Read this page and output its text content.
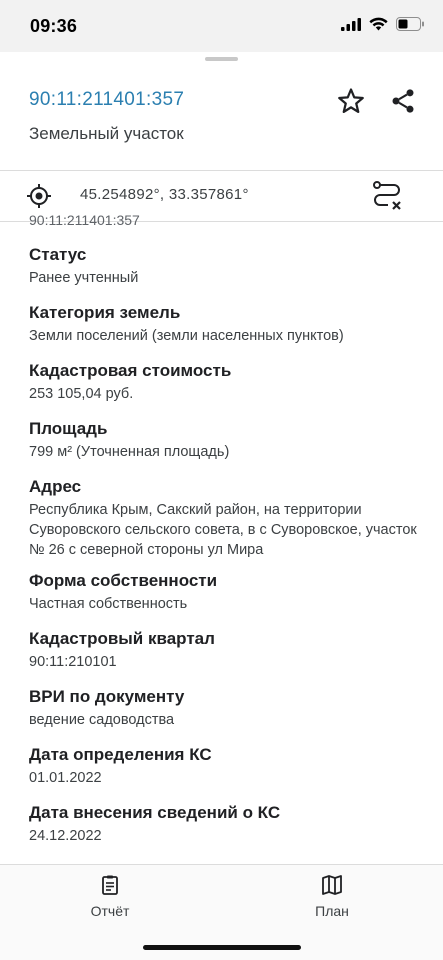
09:36
90:11:211401:357
Земельный участок
45.254892°, 33.357861°
90:11:211401:357
Статус
Ранее учтенный
Категория земель
Земли поселений (земли населенных пунктов)
Кадастровая стоимость
253 105,04 руб.
Площадь
799 м² (Уточненная площадь)
Адрес
Республика Крым, Сакский район, на территории Суворовского сельского совета, в с Суворовское, участок № 26 с северной стороны ул Мира
Форма собственности
Частная собственность
Кадастровый квартал
90:11:210101
ВРИ по документу
ведение садоводства
Дата определения КС
01.01.2022
Дата внесения сведений о КС
24.12.2022
Отчёт	План
